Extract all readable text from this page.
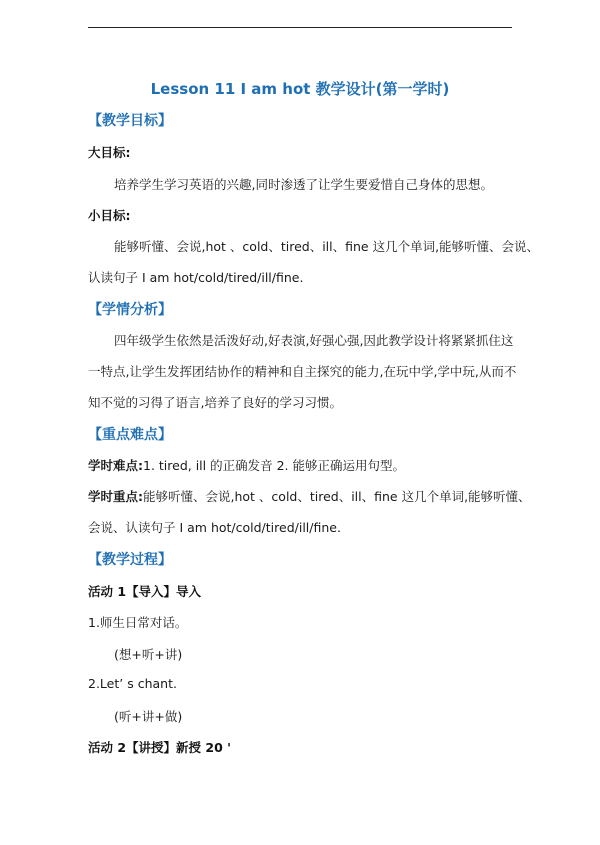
Lesson 11 I am hot 教学设计(第一学时)
【教学目标】
大目标:
培养学生学习英语的兴趣,同时渗透了让学生要爱惜自己身体的思想。
小目标:
能够听懂、会说,hot 、cold、tired、ill、fine 这几个单词,能够听懂、会说、
认读句子 I am hot/cold/tired/ill/fine.
【学情分析】
四年级学生依然是活泼好动,好表演,好强心强,因此教学设计将紧紧抓住这
一特点,让学生发挥团结协作的精神和自主探究的能力,在玩中学,学中玩,从而不
知不觉的习得了语言,培养了良好的学习习惯。
【重点难点】
学时难点:1. tired, ill 的正确发音 2. 能够正确运用句型。
学时重点:能够听懂、会说,hot 、cold、tired、ill、fine 这几个单词,能够听懂、
会说、认读句子 I am hot/cold/tired/ill/fine.
【教学过程】
活动 1【导入】导入
1.师生日常对话。
(想+听+讲)
2.Let’ s chant.
(听+讲+做)
活动 2【讲授】新授 20 '
